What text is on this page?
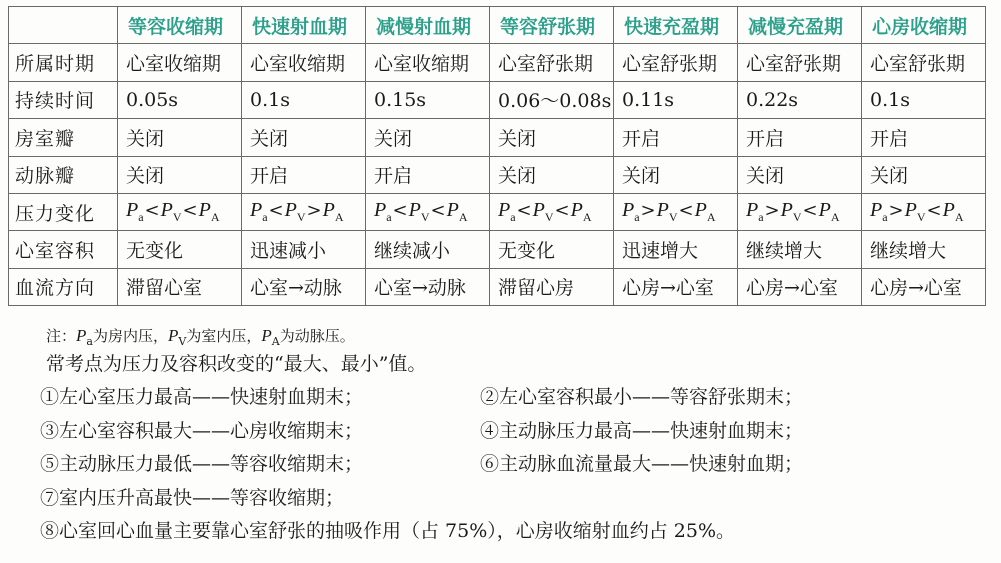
	等容收缩期	快速射血期	减慢射血期	等容舒张期	快速充盈期	减慢充盈期	心房收缩期
所属时期	心室收缩期	心室收缩期	心室收缩期	心室舒张期	心室舒张期	心室舒张期	心室舒张期
持续时间	0.05s	0.1s	0.15s	0.06～0.08s	0.11s	0.22s	0.1s
房室瓣	关闭	关闭	关闭	关闭	开启	开启	开启
动脉瓣	关闭	开启	开启	关闭	关闭	关闭	关闭
压力变化	$P_a<P_V<P_A$	$P_a<P_V>P_A$	$P_a<P_V<P_A$	$P_a<P_V<P_A$	$P_a>P_V<P_A$	$P_a>P_V<P_A$	$P_a>P_V<P_A$
心室容积	无变化	迅速减小	继续减小	无变化	迅速增大	继续增大	继续增大
血流方向	滞留心室	心室→动脉	心室→动脉	滞留心房	心房→心室	心房→心室	心房→心室
注：$P_a$为房内压，$P_V$为室内压，$P_A$为动脉压。
常考点为压力及容积改变的“最大、最小”值。
①左心室压力最高——快速射血期末；	②左心室容积最小——等容舒张期末；
③左心室容积最大——心房收缩期末；	④主动脉压力最高——快速射血期末；
⑤主动脉压力最低——等容收缩期末；	⑥主动脉血流量最大——快速射血期；
⑦室内压升高最快——等容收缩期；
⑧心室回心血量主要靠心室舒张的抽吸作用（占 75%），心房收缩射血约占 25%。
